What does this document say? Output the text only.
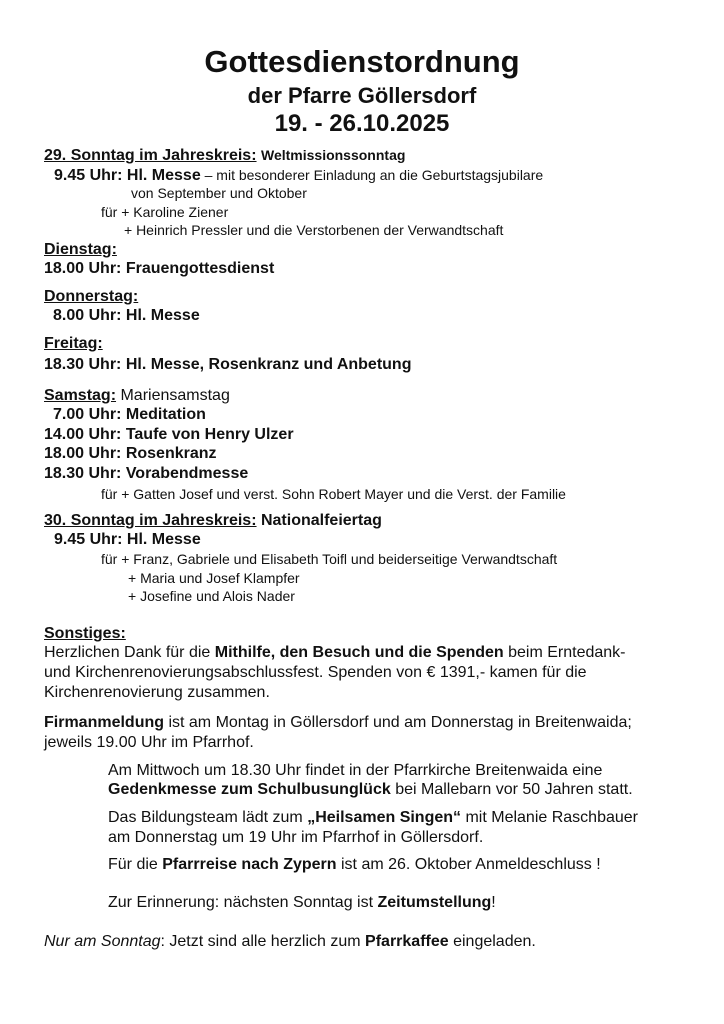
Gottesdienstordnung
der Pfarre Göllersdorf
19. - 26.10.2025
29. Sonntag im Jahreskreis: Weltmissionssonntag
9.45 Uhr: Hl. Messe – mit besonderer Einladung an die Geburtstagsjubilare
von September und Oktober
für + Karoline Ziener
+ Heinrich Pressler und die Verstorbenen der Verwandtschaft
Dienstag:
18.00 Uhr: Frauengottesdienst
Donnerstag:
8.00 Uhr: Hl. Messe
Freitag:
18.30 Uhr: Hl. Messe, Rosenkranz und Anbetung
Samstag: Mariensamstag
7.00 Uhr: Meditation
14.00 Uhr: Taufe von Henry Ulzer
18.00 Uhr: Rosenkranz
18.30 Uhr: Vorabendmesse
für + Gatten Josef und verst. Sohn Robert Mayer und die Verst. der Familie
30. Sonntag im Jahreskreis: Nationalfeiertag
9.45 Uhr: Hl. Messe
für + Franz, Gabriele und Elisabeth Toifl und beiderseitige Verwandtschaft
+ Maria und Josef Klampfer
+ Josefine und Alois Nader
Sonstiges:
Herzlichen Dank für die Mithilfe, den Besuch und die Spenden beim Erntedank-
und Kirchenrenovierungsabschlussfest. Spenden von € 1391,- kamen für die
Kirchenrenovierung zusammen.
Firmanmeldung ist am Montag in Göllersdorf und am Donnerstag in Breitenwaida;
jeweils 19.00 Uhr im Pfarrhof.
Am Mittwoch um 18.30 Uhr findet in der Pfarrkirche Breitenwaida eine
Gedenkmesse zum Schulbusunglück bei Mallebarn vor 50 Jahren statt.
Das Bildungsteam lädt zum „Heilsamen Singen“ mit Melanie Raschbauer
am Donnerstag um 19 Uhr im Pfarrhof in Göllersdorf.
Für die Pfarrreise nach Zypern ist am 26. Oktober Anmeldeschluss !
Zur Erinnerung: nächsten Sonntag ist Zeitumstellung!
Nur am Sonntag: Jetzt sind alle herzlich zum Pfarrkaffee eingeladen.
